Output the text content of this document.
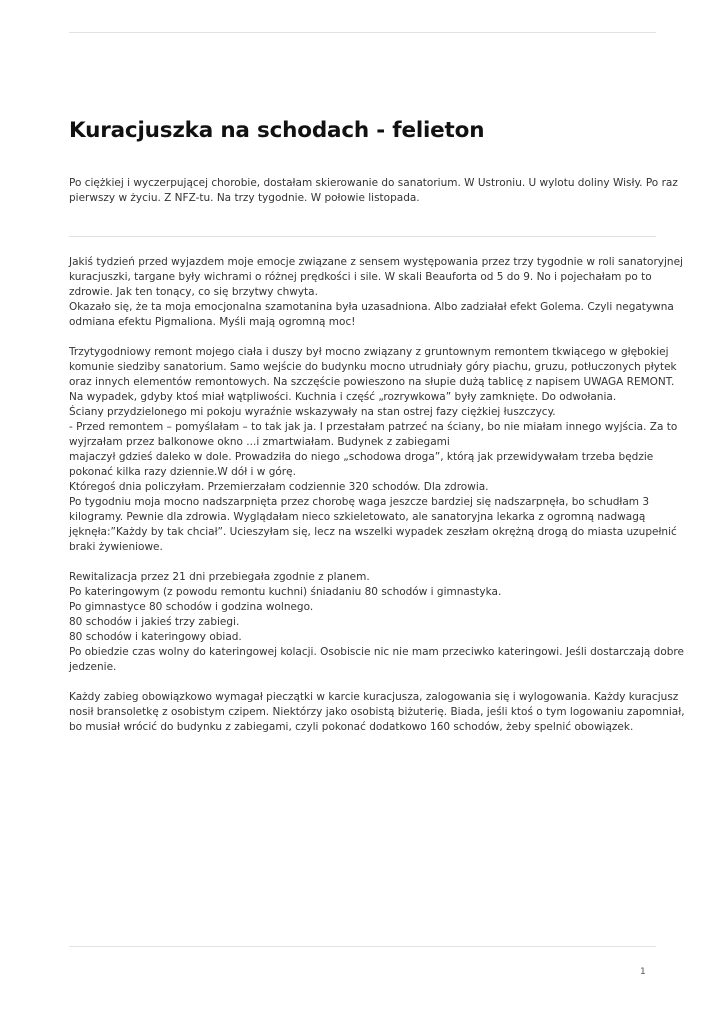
Kuracjuszka na schodach - felieton
Po ciężkiej i wyczerpującej chorobie, dostałam skierowanie do sanatorium. W Ustroniu. U wylotu doliny Wisły. Po raz
pierwszy w życiu. Z NFZ-tu. Na trzy tygodnie. W połowie listopada.
Jakiś tydzień przed wyjazdem moje emocje związane z sensem występowania przez trzy tygodnie w roli sanatoryjnej
kuracjuszki, targane były wichrami o różnej prędkości i sile. W skali Beauforta od 5 do 9. No i pojechałam po to
zdrowie. Jak ten tonący, co się brzytwy chwyta.
Okazało się, że ta moja emocjonalna szamotanina była uzasadniona. Albo zadziałał efekt Golema. Czyli negatywna
odmiana efektu Pigmaliona. Myśli mają ogromną moc!
Trzytygodniowy remont mojego ciała i duszy był mocno związany z gruntownym remontem tkwiącego w głębokiej
komunie siedziby sanatorium. Samo wejście do budynku mocno utrudniały góry piachu, gruzu, potłuczonych płytek
oraz innych elementów remontowych. Na szczęście powieszono na słupie dużą tablicę z napisem UWAGA REMONT.
Na wypadek, gdyby ktoś miał wątpliwości. Kuchnia i część „rozrywkowa” były zamknięte. Do odwołania.
Ściany przydzielonego mi pokoju wyraźnie wskazywały na stan ostrej fazy ciężkiej łuszczycy.
- Przed remontem – pomyślałam – to tak jak ja. I przestałam patrzeć na ściany, bo nie miałam innego wyjścia. Za to
wyjrzałam przez balkonowe okno ...i zmartwiałam. Budynek z zabiegami
majaczył gdzieś daleko w dole. Prowadziła do niego „schodowa droga”, którą jak przewidywałam trzeba będzie
pokonać kilka razy dziennie.W dół i w górę.
Któregoś dnia policzyłam. Przemierzałam codziennie 320 schodów. Dla zdrowia.
Po tygodniu moja mocno nadszarpnięta przez chorobę waga jeszcze bardziej się nadszarpnęła, bo schudłam 3
kilogramy. Pewnie dla zdrowia. Wyglądałam nieco szkieletowato, ale sanatoryjna lekarka z ogromną nadwagą
jęknęła:”Każdy by tak chciał”. Ucieszyłam się, lecz na wszelki wypadek zeszłam okrężną drogą do miasta uzupełnić
braki żywieniowe.
Rewitalizacja przez 21 dni przebiegała zgodnie z planem.
Po kateringowym (z powodu remontu kuchni) śniadaniu 80 schodów i gimnastyka.
Po gimnastyce 80 schodów i godzina wolnego.
80 schodów i jakieś trzy zabiegi.
80 schodów i kateringowy obiad.
Po obiedzie czas wolny do kateringowej kolacji. Osobiscie nic nie mam przeciwko kateringowi. Jeśli dostarczają dobre
jedzenie.
Każdy zabieg obowiązkowo wymagał pieczątki w karcie kuracjusza, zalogowania się i wylogowania. Każdy kuracjusz
nosił bransoletkę z osobistym czipem. Niektórzy jako osobistą biżuterię. Biada, jeśli ktoś o tym logowaniu zapomniał,
bo musiał wrócić do budynku z zabiegami, czyli pokonać dodatkowo 160 schodów, żeby spelnić obowiązek.
1
